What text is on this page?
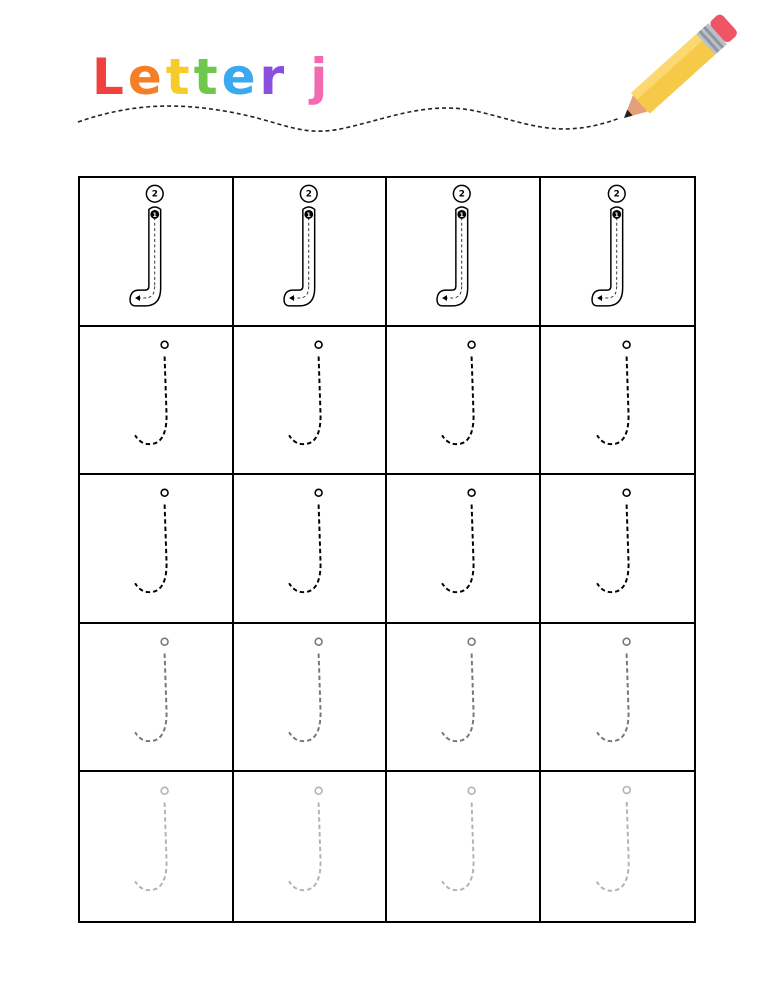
Letter j
2
1
2
1
2
1
2
1
